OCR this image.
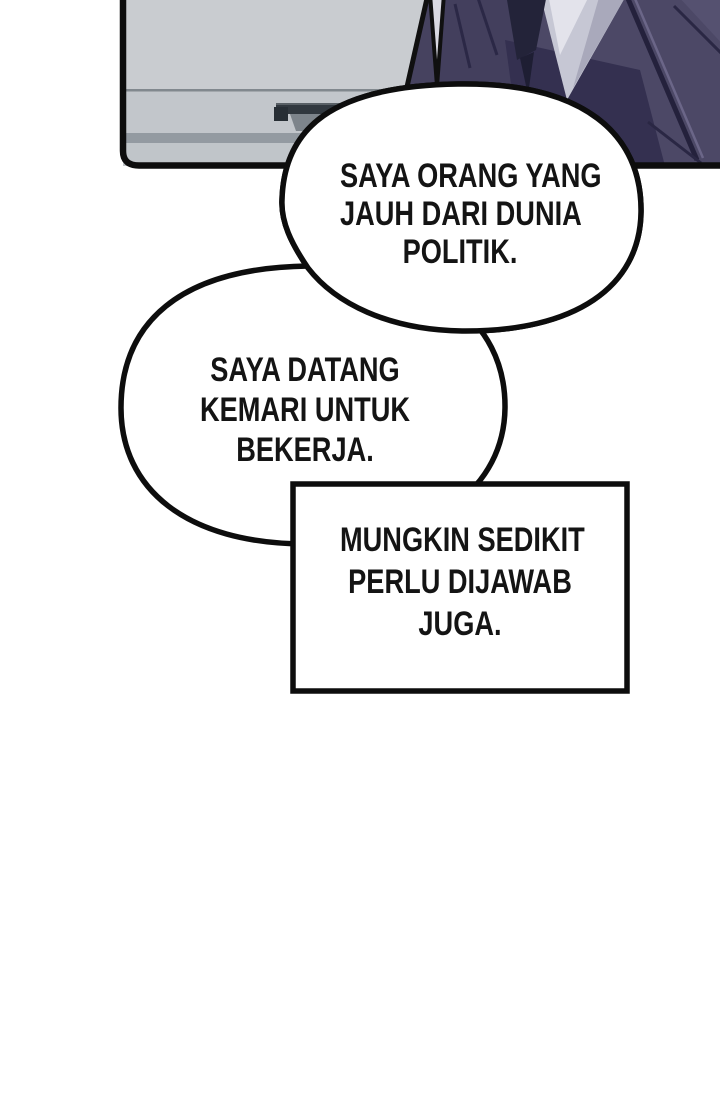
SAYA ORANG YANG
JAUH DARI DUNIA
POLITIK.
SAYA DATANG
KEMARI UNTUK
BEKERJA.
MUNGKIN SEDIKIT
PERLU DIJAWAB
JUGA.
